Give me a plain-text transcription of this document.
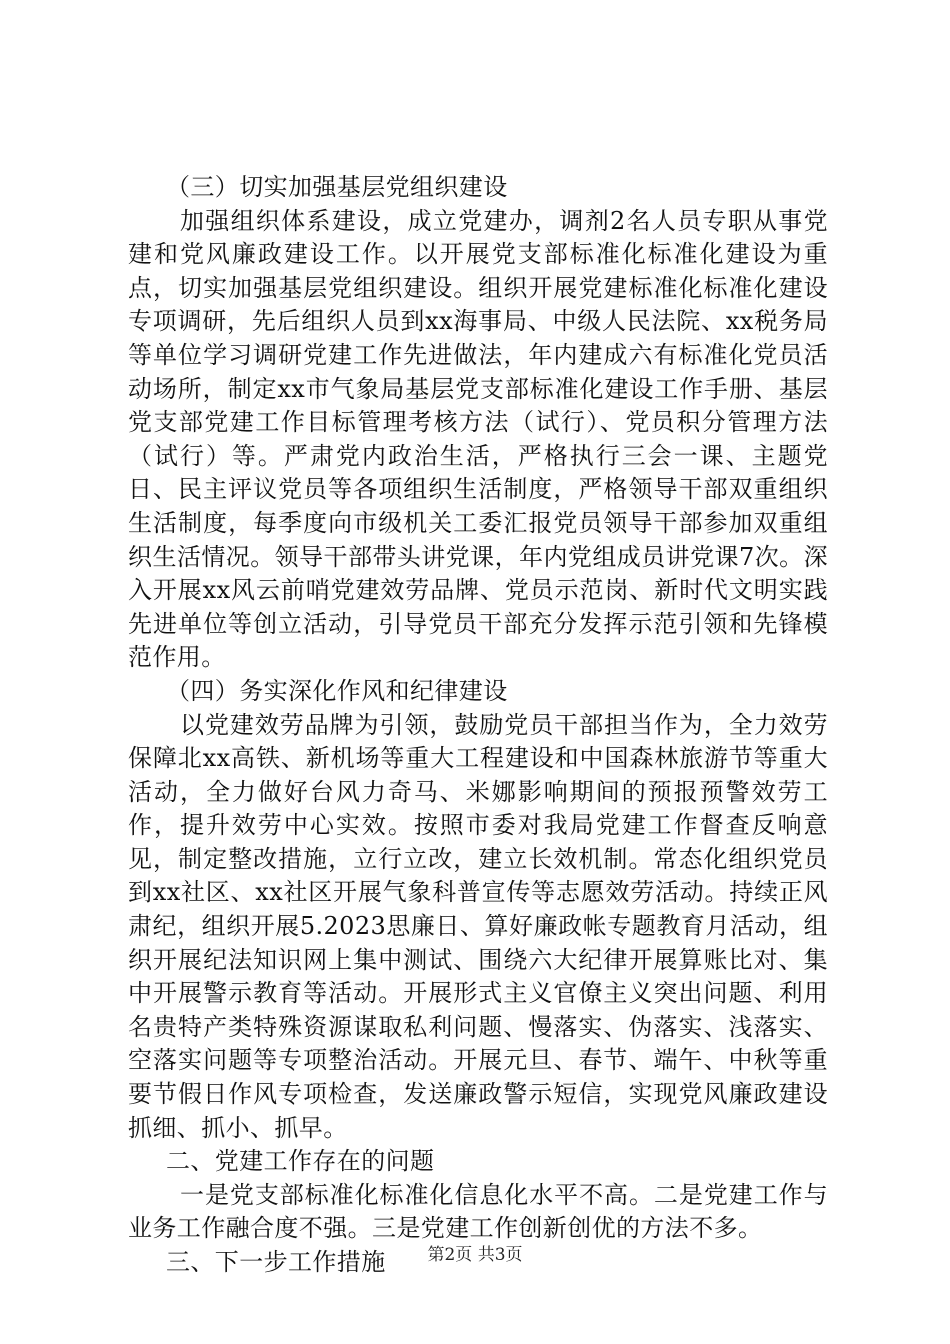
（三）切实加强基层党组织建设

加强组织体系建设，成立党建办，调剂2名人员专职从事党建和党风廉政建设工作。以开展党支部标准化标准化建设为重点，切实加强基层党组织建设。组织开展党建标准化标准化建设专项调研，先后组织人员到xx海事局、中级人民法院、xx税务局等单位学习调研党建工作先进做法，年内建成六有标准化党员活动场所，制定xx市气象局基层党支部标准化建设工作手册、基层党支部党建工作目标管理考核方法（试行）、党员积分管理方法（试行）等。严肃党内政治生活，严格执行三会一课、主题党日、民主评议党员等各项组织生活制度，严格领导干部双重组织生活制度，每季度向市级机关工委汇报党员领导干部参加双重组织生活情况。领导干部带头讲党课，年内党组成员讲党课7次。深入开展xx风云前哨党建效劳品牌、党员示范岗、新时代文明实践先进单位等创立活动，引导党员干部充分发挥示范引领和先锋模范作用。

（四）务实深化作风和纪律建设

以党建效劳品牌为引领，鼓励党员干部担当作为，全力效劳保障北xx高铁、新机场等重大工程建设和中国森林旅游节等重大活动，全力做好台风力奇马、米娜影响期间的预报预警效劳工作，提升效劳中心实效。按照市委对我局党建工作督查反响意见，制定整改措施，立行立改，建立长效机制。常态化组织党员到xx社区、xx社区开展气象科普宣传等志愿效劳活动。持续正风肃纪，组织开展5.2023思廉日、算好廉政帐专题教育月活动，组织开展纪法知识网上集中测试、围绕六大纪律开展算账比对、集中开展警示教育等活动。开展形式主义官僚主义突出问题、利用名贵特产类特殊资源谋取私利问题、慢落实、伪落实、浅落实、空落实问题等专项整治活动。开展元旦、春节、端午、中秋等重要节假日作风专项检查，发送廉政警示短信，实现党风廉政建设抓细、抓小、抓早。

二、党建工作存在的问题

一是党支部标准化标准化信息化水平不高。二是党建工作与业务工作融合度不强。三是党建工作创新创优的方法不多。

三、下一步工作措施	第2页 共3页
